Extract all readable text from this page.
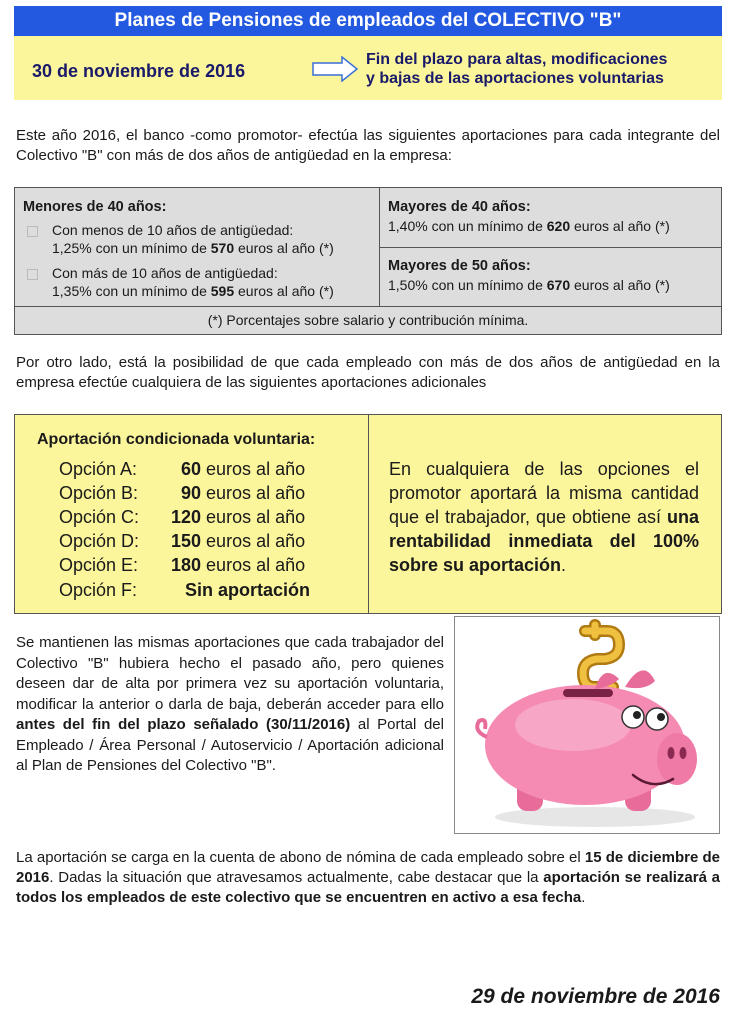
Planes de Pensiones de empleados del COLECTIVO "B"
30 de noviembre de 2016
Fin del plazo para altas, modificaciones
y bajas de las aportaciones voluntarias
Este año 2016, el banco -como promotor- efectúa las siguientes aportaciones para cada integrante del Colectivo "B" con más de dos años de antigüedad en la empresa:
Menores de 40 años:
Con menos de 10 años de antigüedad:
1,25% con un mínimo de 570 euros al año (*)
Con más de 10 años de antigüedad:
1,35% con un mínimo de 595 euros al año (*)
Mayores de 40 años:
1,40% con un mínimo de 620 euros al año (*)
Mayores de 50 años:
1,50% con un mínimo de 670 euros al año (*)
(*) Porcentajes sobre salario y contribución mínima.
Por otro lado, está la posibilidad de que cada empleado con más de dos años de antigüedad en la empresa efectúe cualquiera de las siguientes aportaciones adicionales
Aportación condicionada voluntaria:
Opción A: 60 euros al año
Opción B: 90 euros al año
Opción C: 120 euros al año
Opción D: 150 euros al año
Opción E: 180 euros al año
Opción F:	Sin aportación
En cualquiera de las opciones el promotor aportará la misma cantidad que el trabajador, que obtiene así una rentabilidad inmediata del 100% sobre su aportación.
Se mantienen las mismas aportaciones que cada trabajador del Colectivo "B" hubiera hecho el pasado año, pero quienes deseen dar de alta por primera vez su aportación voluntaria, modificar la anterior o darla de baja, deberán acceder para ello antes del fin del plazo señalado (30/11/2016) al Portal del Empleado / Área Personal / Autoservicio / Aportación adicional al Plan de Pensiones del Colectivo "B".
La aportación se carga en la cuenta de abono de nómina de cada empleado sobre el 15 de diciembre de 2016. Dadas la situación que atravesamos actualmente, cabe destacar que la aportación se realizará a todos los empleados de este colectivo que se encuentren en activo a esa fecha.
29 de noviembre de 2016
